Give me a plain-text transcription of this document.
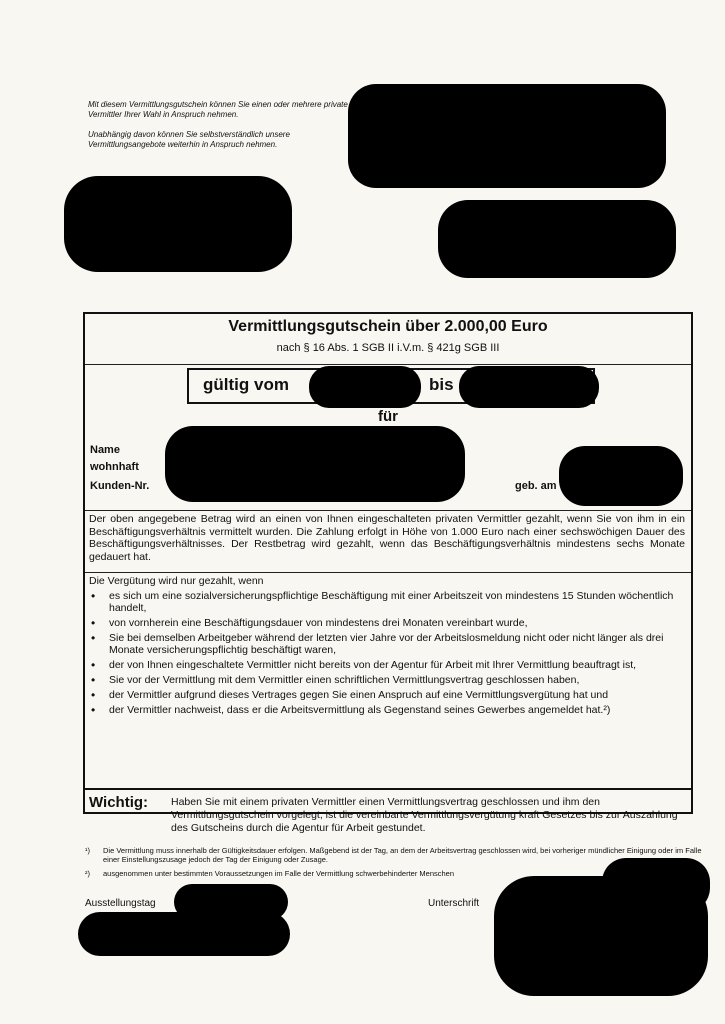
Mit diesem Vermittlungsgutschein können Sie einen oder mehrere private Vermittler Ihrer Wahl in Anspruch nehmen.

Unabhängig davon können Sie selbstverständlich unsere Vermittlungsangebote weiterhin in Anspruch nehmen.

Vermittlungsgutschein über 2.000,00 Euro
nach § 16 Abs. 1 SGB II i.V.m. § 421g SGB III
gültig vom	bis
für
Name
wohnhaft
Kunden-Nr.	geb. am
Der oben angegebene Betrag wird an einen von Ihnen eingeschalteten privaten Vermittler gezahlt, wenn Sie von ihm in ein Beschäftigungsverhältnis vermittelt wurden. Die Zahlung erfolgt in Höhe von 1.000 Euro nach einer sechswöchigen Dauer des Beschäftigungsverhältnisses. Der Restbetrag wird gezahlt, wenn das Beschäftigungsverhältnis mindestens sechs Monate gedauert hat.
Die Vergütung wird nur gezahlt, wenn
• es sich um eine sozialversicherungspflichtige Beschäftigung mit einer Arbeitszeit von mindestens 15 Stunden wöchentlich handelt,
• von vornherein eine Beschäftigungsdauer von mindestens drei Monaten vereinbart wurde,
• Sie bei demselben Arbeitgeber während der letzten vier Jahre vor der Arbeitslosmeldung nicht oder nicht länger als drei Monate versicherungspflichtig beschäftigt waren,
• der von Ihnen eingeschaltete Vermittler nicht bereits von der Agentur für Arbeit mit Ihrer Vermittlung beauftragt ist,
• Sie vor der Vermittlung mit dem Vermittler einen schriftlichen Vermittlungsvertrag geschlossen haben,
• der Vermittler aufgrund dieses Vertrages gegen Sie einen Anspruch auf eine Vermittlungsvergütung hat und
• der Vermittler nachweist, dass er die Arbeitsvermittlung als Gegenstand seines Gewerbes angemeldet hat.²)
Wichtig: Haben Sie mit einem privaten Vermittler einen Vermittlungsvertrag geschlossen und ihm den Vermittlungsgutschein vorgelegt, ist die vereinbarte Vermittlungsvergütung kraft Gesetzes bis zur Auszahlung des Gutscheins durch die Agentur für Arbeit gestundet.
¹) Die Vermittlung muss innerhalb der Gültigkeitsdauer erfolgen. Maßgebend ist der Tag, an dem der Arbeitsvertrag geschlossen wird, bei vorheriger mündlicher Einigung oder im Falle einer Einstellungszusage jedoch der Tag der Einigung oder Zusage.
²) ausgenommen unter bestimmten Voraussetzungen im Falle der Vermittlung schwerbehinderter Menschen
Ausstellungstag	Unterschrift
